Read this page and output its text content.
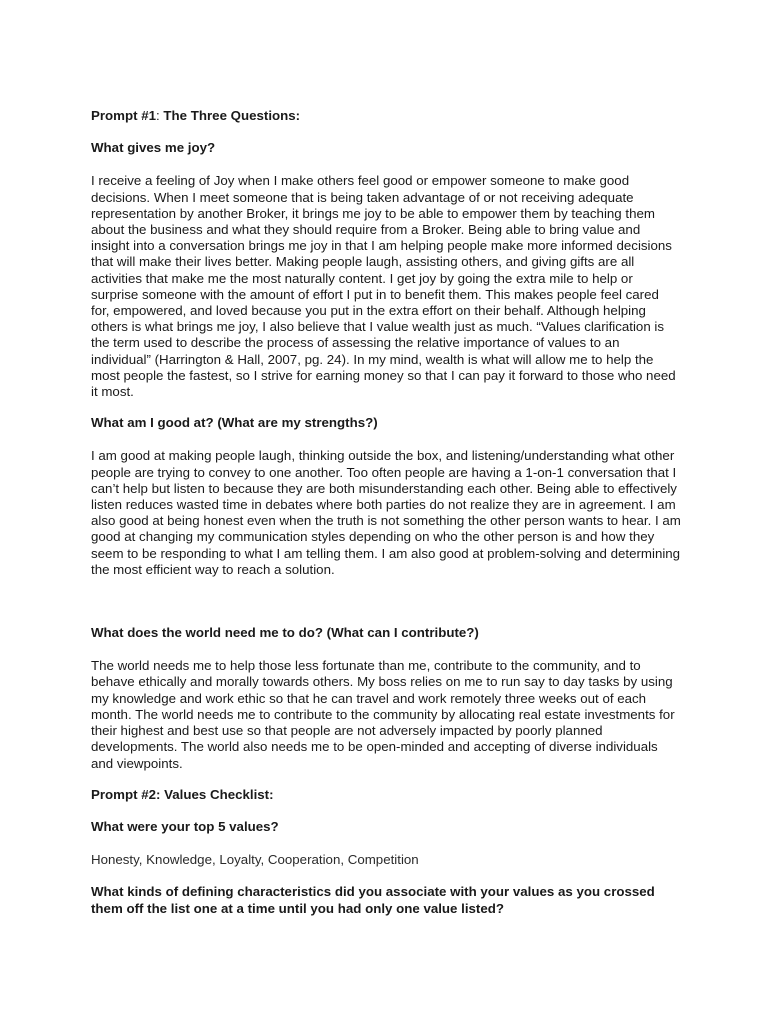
Prompt #1: The Three Questions:

What gives me joy?

I receive a feeling of Joy when I make others feel good or empower someone to make good decisions. When I meet someone that is being taken advantage of or not receiving adequate representation by another Broker, it brings me joy to be able to empower them by teaching them about the business and what they should require from a Broker. Being able to bring value and insight into a conversation brings me joy in that I am helping people make more informed decisions that will make their lives better. Making people laugh, assisting others, and giving gifts are all activities that make me the most naturally content. I get joy by going the extra mile to help or surprise someone with the amount of effort I put in to benefit them. This makes people feel cared for, empowered, and loved because you put in the extra effort on their behalf. Although helping others is what brings me joy, I also believe that I value wealth just as much. “Values clarification is the term used to describe the process of assessing the relative importance of values to an individual” (Harrington & Hall, 2007, pg. 24). In my mind, wealth is what will allow me to help the most people the fastest, so I strive for earning money so that I can pay it forward to those who need it most.

What am I good at? (What are my strengths?)

I am good at making people laugh, thinking outside the box, and listening/understanding what other people are trying to convey to one another. Too often people are having a 1-on-1 conversation that I can’t help but listen to because they are both misunderstanding each other. Being able to effectively listen reduces wasted time in debates where both parties do not realize they are in agreement. I am also good at being honest even when the truth is not something the other person wants to hear. I am good at changing my communication styles depending on who the other person is and how they seem to be responding to what I am telling them. I am also good at problem-solving and determining the most efficient way to reach a solution.

What does the world need me to do? (What can I contribute?)

The world needs me to help those less fortunate than me, contribute to the community, and to behave ethically and morally towards others. My boss relies on me to run say to day tasks by using my knowledge and work ethic so that he can travel and work remotely three weeks out of each month. The world needs me to contribute to the community by allocating real estate investments for their highest and best use so that people are not adversely impacted by poorly planned developments. The world also needs me to be open-minded and accepting of diverse individuals and viewpoints.

Prompt #2: Values Checklist:

What were your top 5 values?

Honesty, Knowledge, Loyalty, Cooperation, Competition

What kinds of defining characteristics did you associate with your values as you crossed them off the list one at a time until you had only one value listed?
